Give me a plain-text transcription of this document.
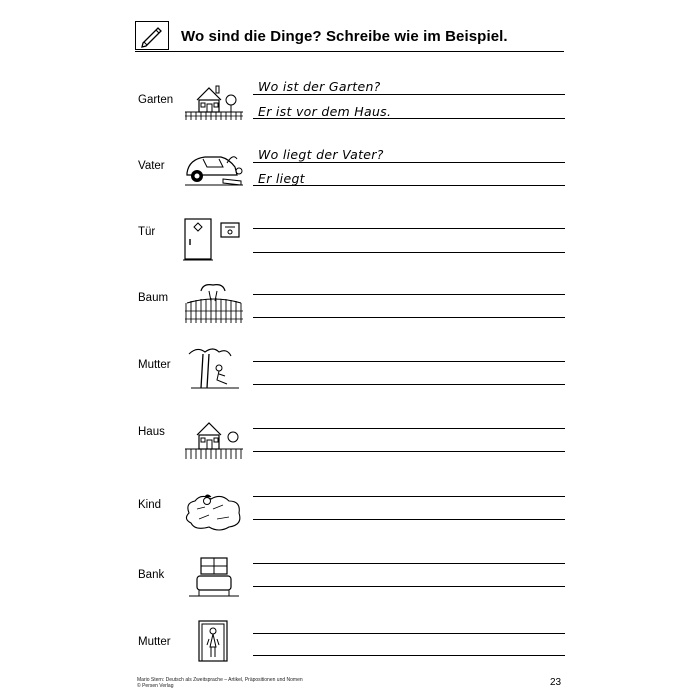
Wo sind die Dinge? Schreibe wie im Beispiel.
Garten
Wo ist der Garten?
Er ist vor dem Haus.
Vater
Wo liegt der Vater?
Er liegt
Tür
Baum
Mutter
Haus
Kind
Bank
Mutter
Mario Stern: Deutsch als Zweitsprache – Artikel, Präpositionen und Nomen
© Persen Verlag	23
